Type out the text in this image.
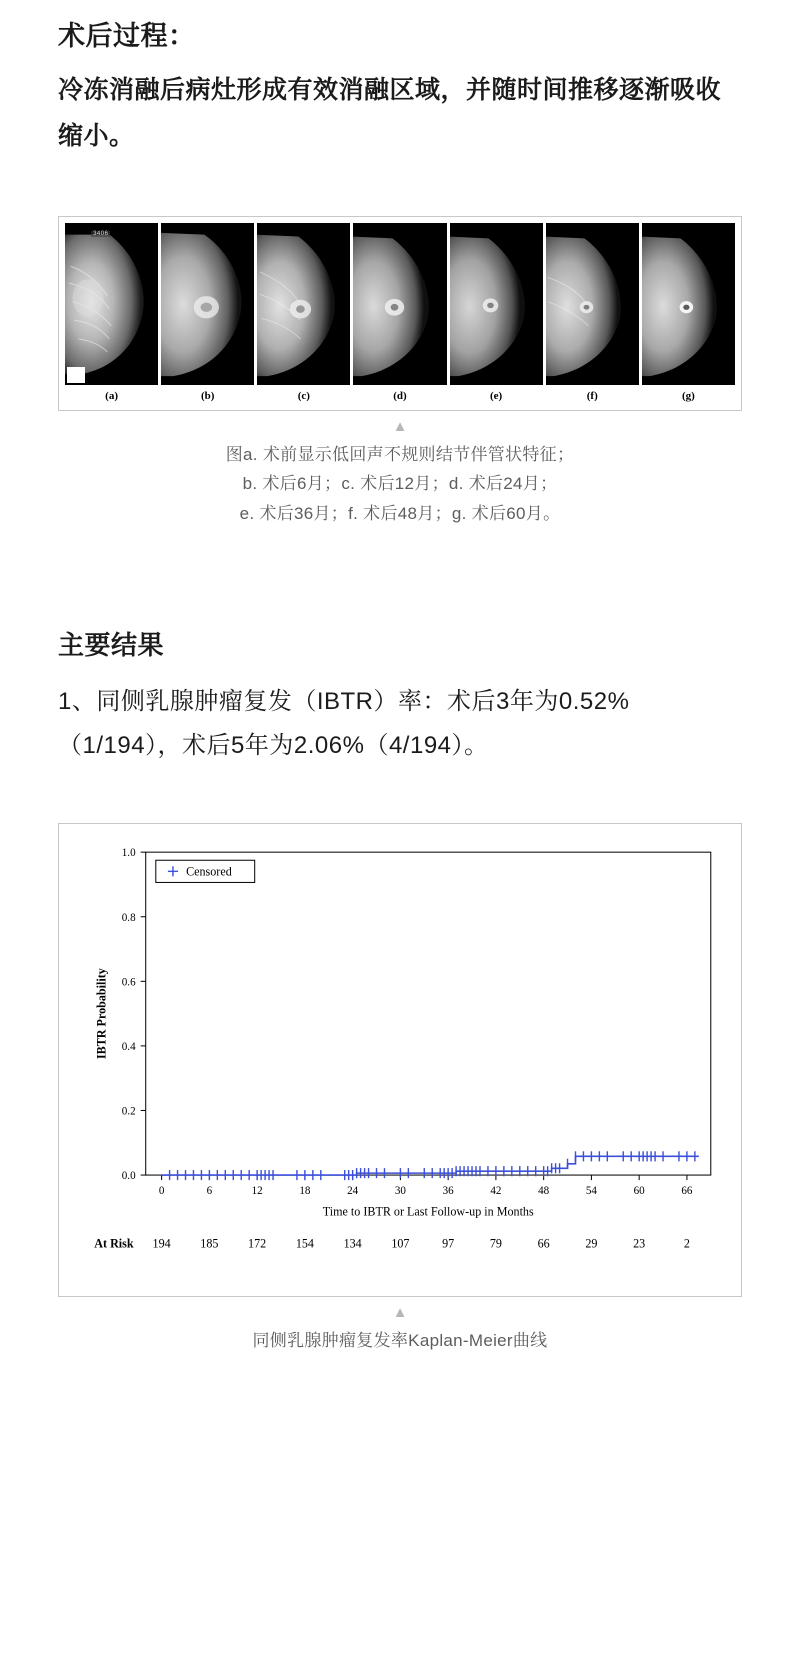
术后过程：

冷冻消融后病灶形成有效消融区域，并随时间推移逐渐吸收缩小。

3406
(a)	(b)	(c)	(d)	(e)	(f)	(g)
▲
图a. 术前显示低回声不规则结节伴管状特征；
b. 术后6月；c. 术后12月；d. 术后24月；
e. 术后36月；f. 术后48月；g. 术后60月。
主要结果

1、同侧乳腺肿瘤复发（IBTR）率：术后3年为0.52%　（1/194），术后5年为2.06%（4/194）。

0.0
0.2
0.4
0.6
0.8
1.0
IBTR Probability
0	6	12	18	24	30	36	42	48	54	60	66
Time to IBTR or Last Follow-up in Months
Censored
At Risk 194 185 172 154 134 107	97	79	66	29	23	2
▲
同侧乳腺肿瘤复发率Kaplan-Meier曲线
